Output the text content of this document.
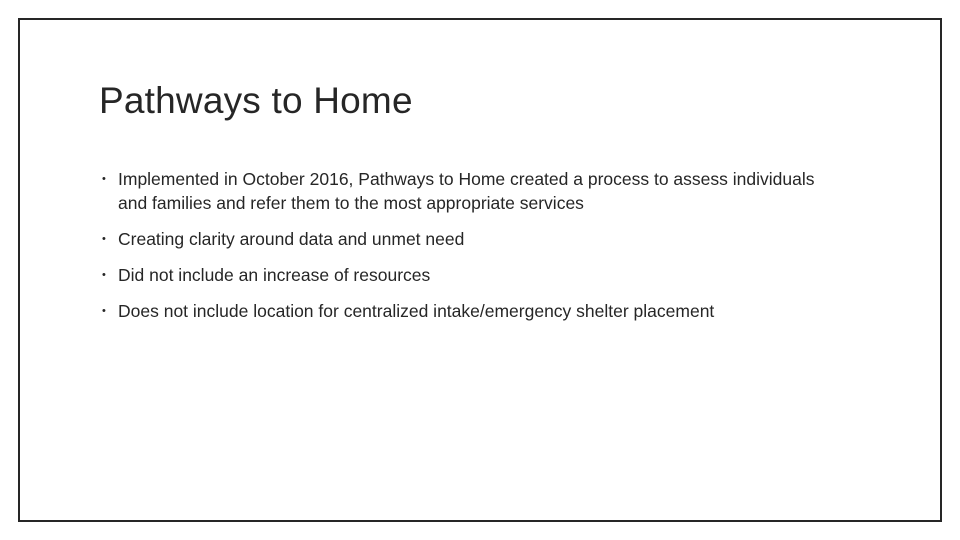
Pathways to Home
• Implemented in October 2016, Pathways to Home created a process to assess individuals and families and refer them to the most appropriate services
• Creating clarity around data and unmet need
• Did not include an increase of resources
• Does not include location for centralized intake/emergency shelter placement
